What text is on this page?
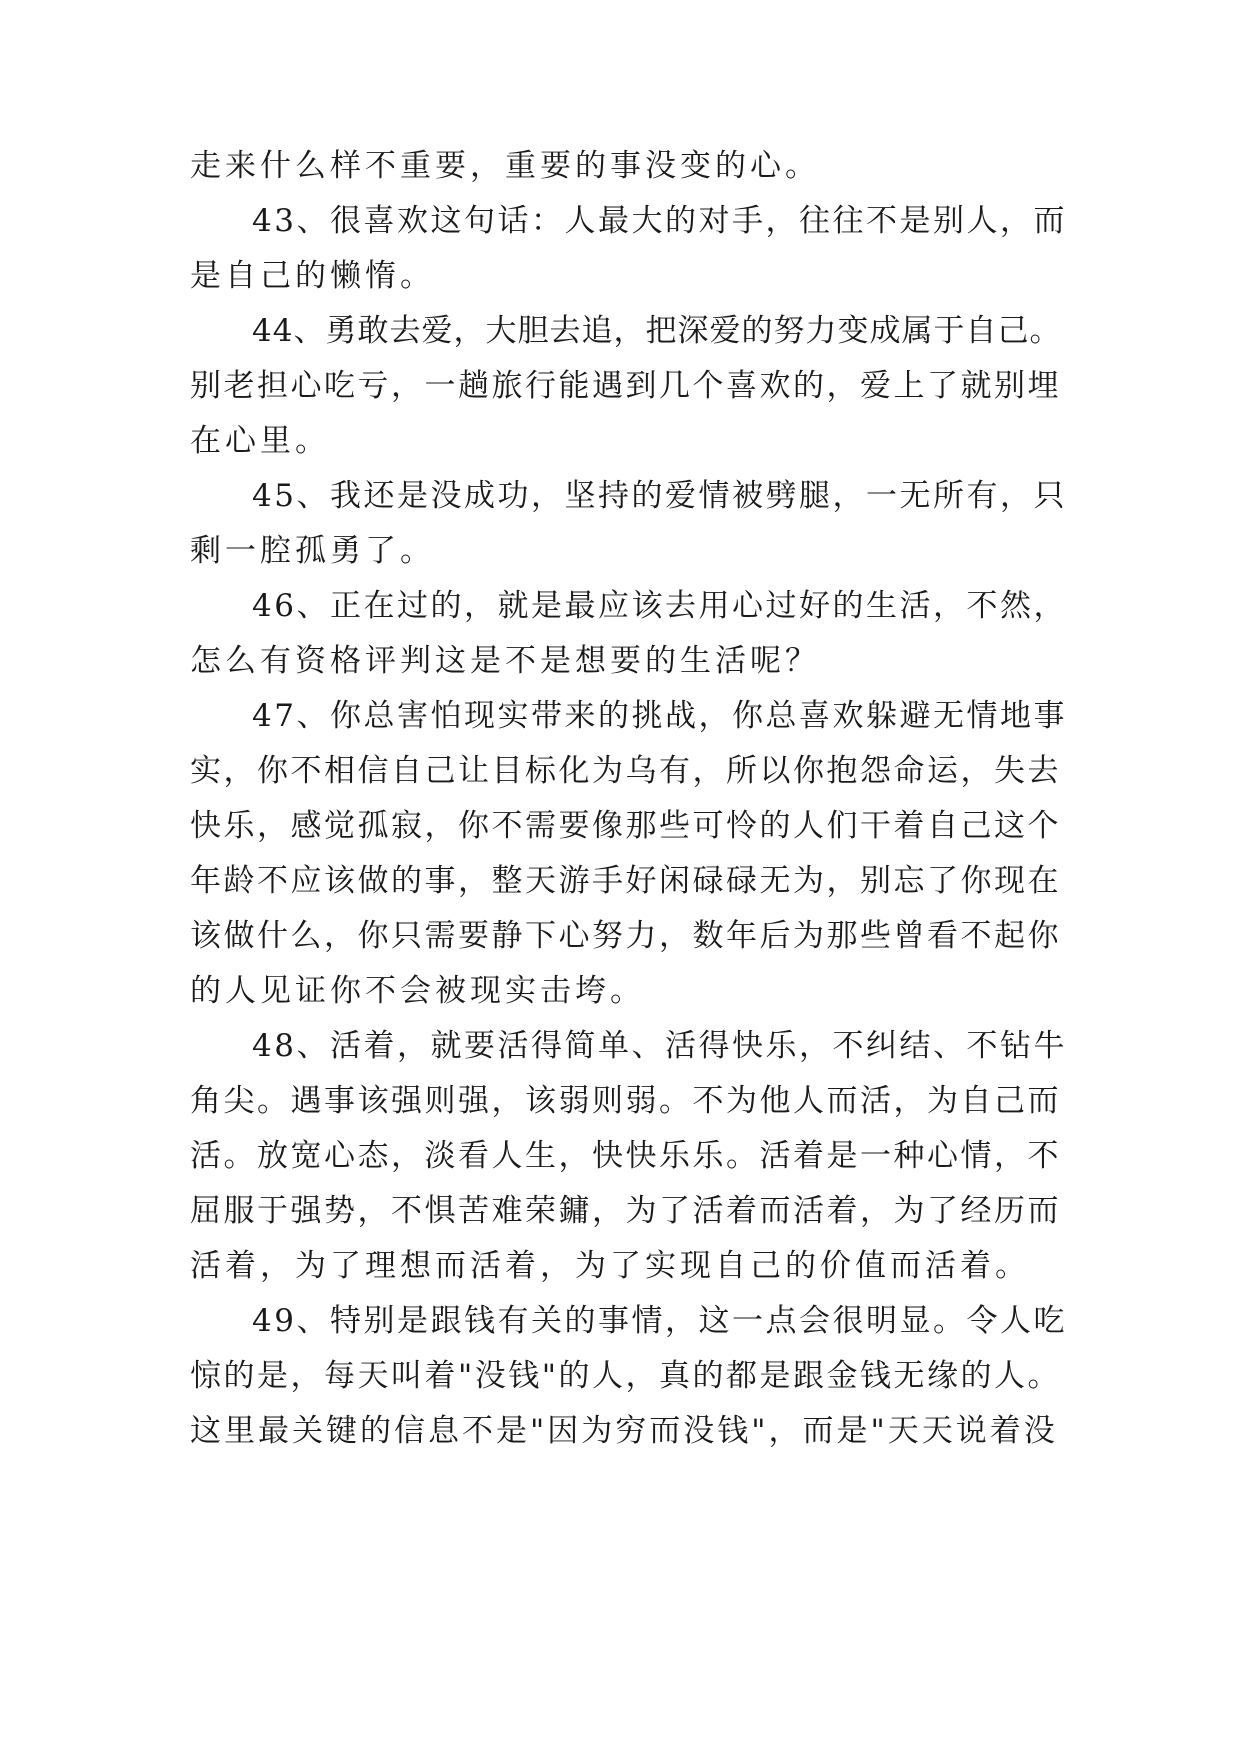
走来什么样不重要，重要的事没变的心。
43、很喜欢这句话：人最大的对手，往往不是别人，而
是自己的懒惰。
44、勇敢去爱，大胆去追，把深爱的努力变成属于自己。
别老担心吃亏，一趟旅行能遇到几个喜欢的，爱上了就别埋
在心里。
45、我还是没成功，坚持的爱情被劈腿，一无所有，只
剩一腔孤勇了。
46、正在过的，就是最应该去用心过好的生活，不然，
怎么有资格评判这是不是想要的生活呢？
47、你总害怕现实带来的挑战，你总喜欢躲避无情地事
实，你不相信自己让目标化为乌有，所以你抱怨命运，失去
快乐，感觉孤寂，你不需要像那些可怜的人们干着自己这个
年龄不应该做的事，整天游手好闲碌碌无为，别忘了你现在
该做什么，你只需要静下心努力，数年后为那些曾看不起你
的人见证你不会被现实击垮。
48、活着，就要活得简单、活得快乐，不纠结、不钻牛
角尖。遇事该强则强，该弱则弱。不为他人而活，为自己而
活。放宽心态，淡看人生，快快乐乐。活着是一种心情，不
屈服于强势，不惧苦难荣鏞，为了活着而活着，为了经历而
活着，为了理想而活着，为了实现自己的价值而活着。
49、特别是跟钱有关的事情，这一点会很明显。令人吃
惊的是，每天叫着"没钱"的人，真的都是跟金钱无缘的人。
这里最关键的信息不是"因为穷而没钱"，而是"天天说着没
